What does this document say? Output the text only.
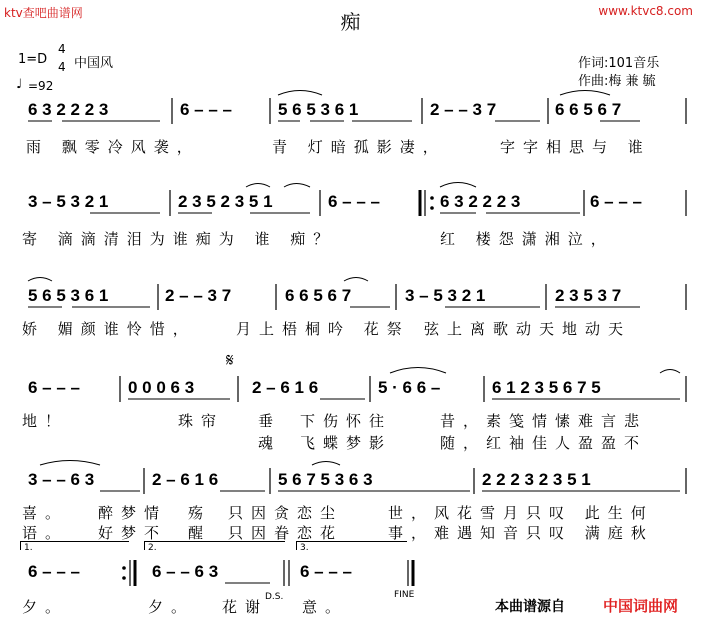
ktv查吧曲谱网	www.ktvc8.com
痴
1=D
4
4 中国风
♩ =92
作词:101音乐
作曲:梅 兼 毓
6 3 2 2 2 3	6 – – –	5 6 5 3 6 1	2 – – 3 7	6 6 5 6 7
雨 飘零冷风袭，	青 灯暗孤影凄，	字字相思与 谁
3 – 5 3 2 1	2 3 5 2 3 5 1	6 – – –	6 3 2 2 2 3	6 – – –
寄 滴滴清泪为谁痴为 谁 痴？	红 楼怨潇湘泣，
5 6 5 3 6 1	2 – – 3 7	6 6 5 6 7	3 – 5 3 2 1	2 3 5 3 7
娇 媚颜谁怜惜，	月上梧桐吟 花祭 弦上离歌动天地动天
𝄋
6 – – –	0 0 0 6 3	2 – 6 1 6	5 · 6 6 –	6 1 2 3 5 6 7 5
地！	珠帘 垂 下伤怀往	昔，素笺情愫难言悲
魂 飞蝶梦影	随，红袖佳人盈盈不
3 – – 6 3	2 – 6 1 6	5 6 7 5 3 6 3	2 2 2 3 2 3 5 1
喜。 醉梦情 殇 只因贪恋尘	世，风花雪月只叹 此生何
语。 好梦不 醒 只因眷恋花	事，难遇知音只叹 满庭秋
1.	2.	3.
6 – – –	6 – – 6 3	6 – – –
夕。	夕。 花谢 意。
D.S.	FINE
本曲谱源自	中国词曲网
